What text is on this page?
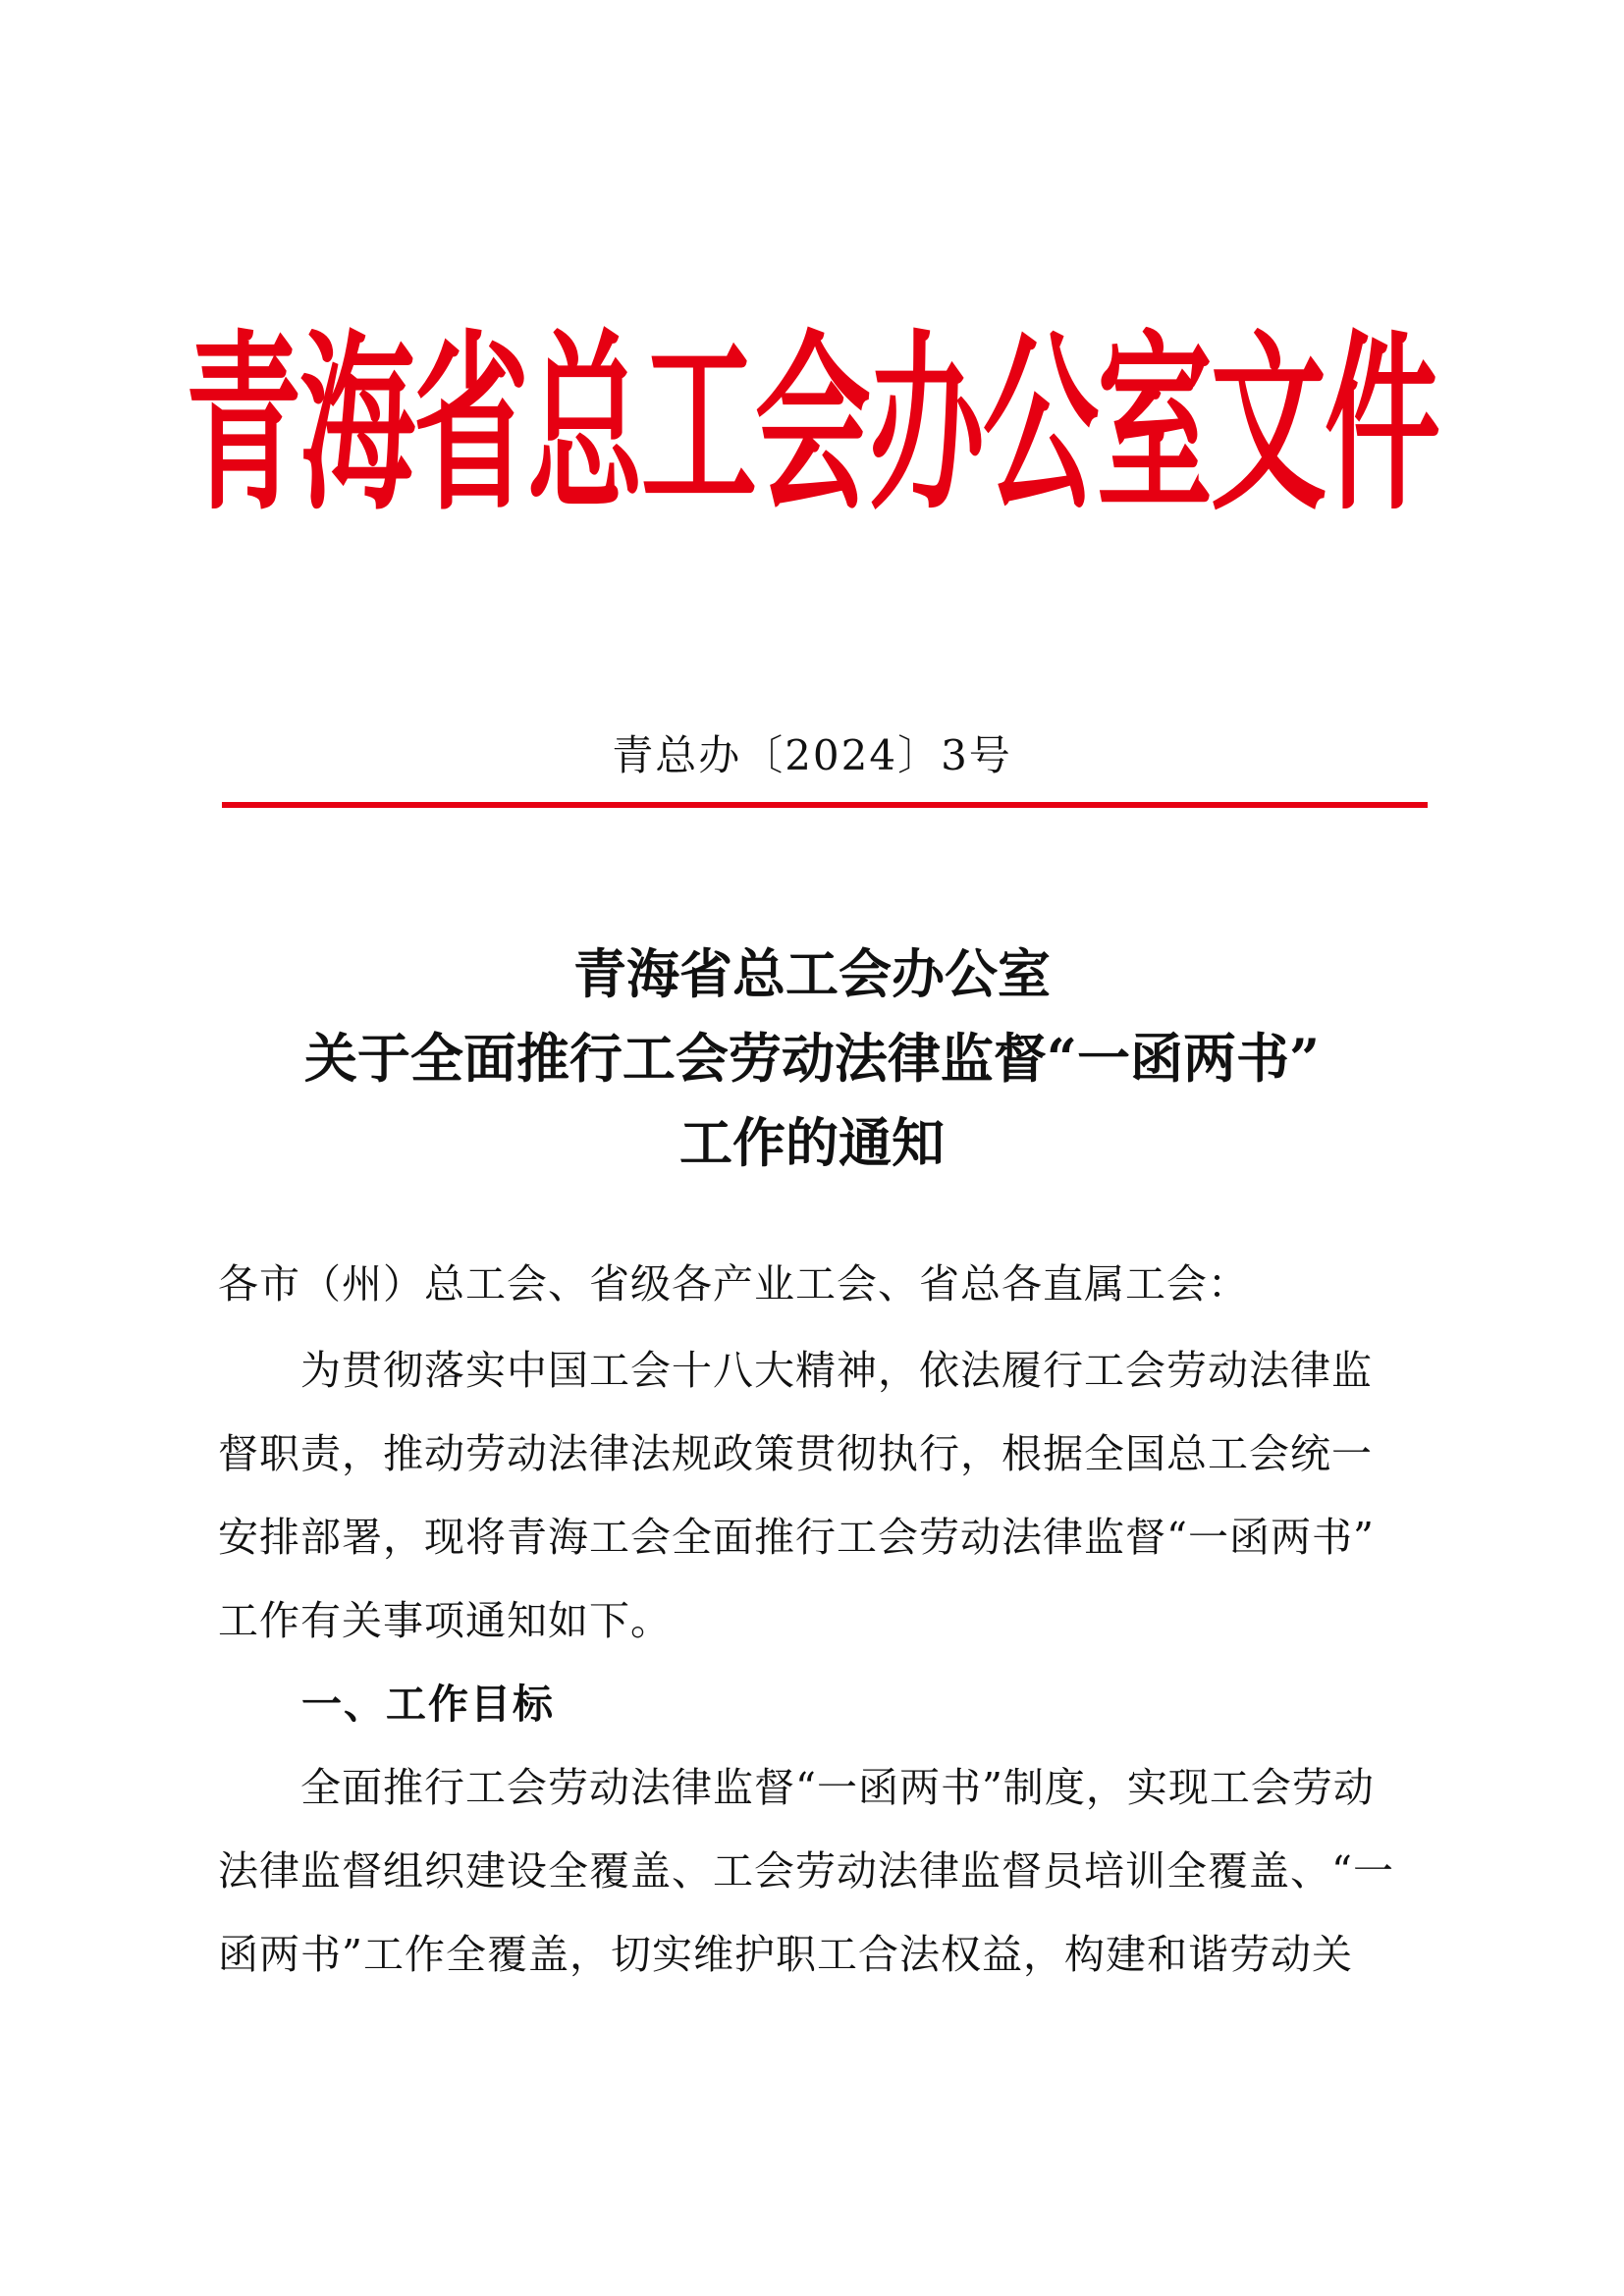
青海省总工会办公室文件
青总办〔2024〕3号
青海省总工会办公室
关于全面推行工会劳动法律监督“一函两书”
工作的通知
各市（州）总工会、省级各产业工会、省总各直属工会：
　　为贯彻落实中国工会十八大精神，依法履行工会劳动法律监
督职责，推动劳动法律法规政策贯彻执行，根据全国总工会统一
安排部署，现将青海工会全面推行工会劳动法律监督“一函两书”
工作有关事项通知如下。
一、工作目标
　　全面推行工会劳动法律监督“一函两书”制度，实现工会劳动
法律监督组织建设全覆盖、工会劳动法律监督员培训全覆盖、“一
函两书”工作全覆盖，切实维护职工合法权益，构建和谐劳动关
